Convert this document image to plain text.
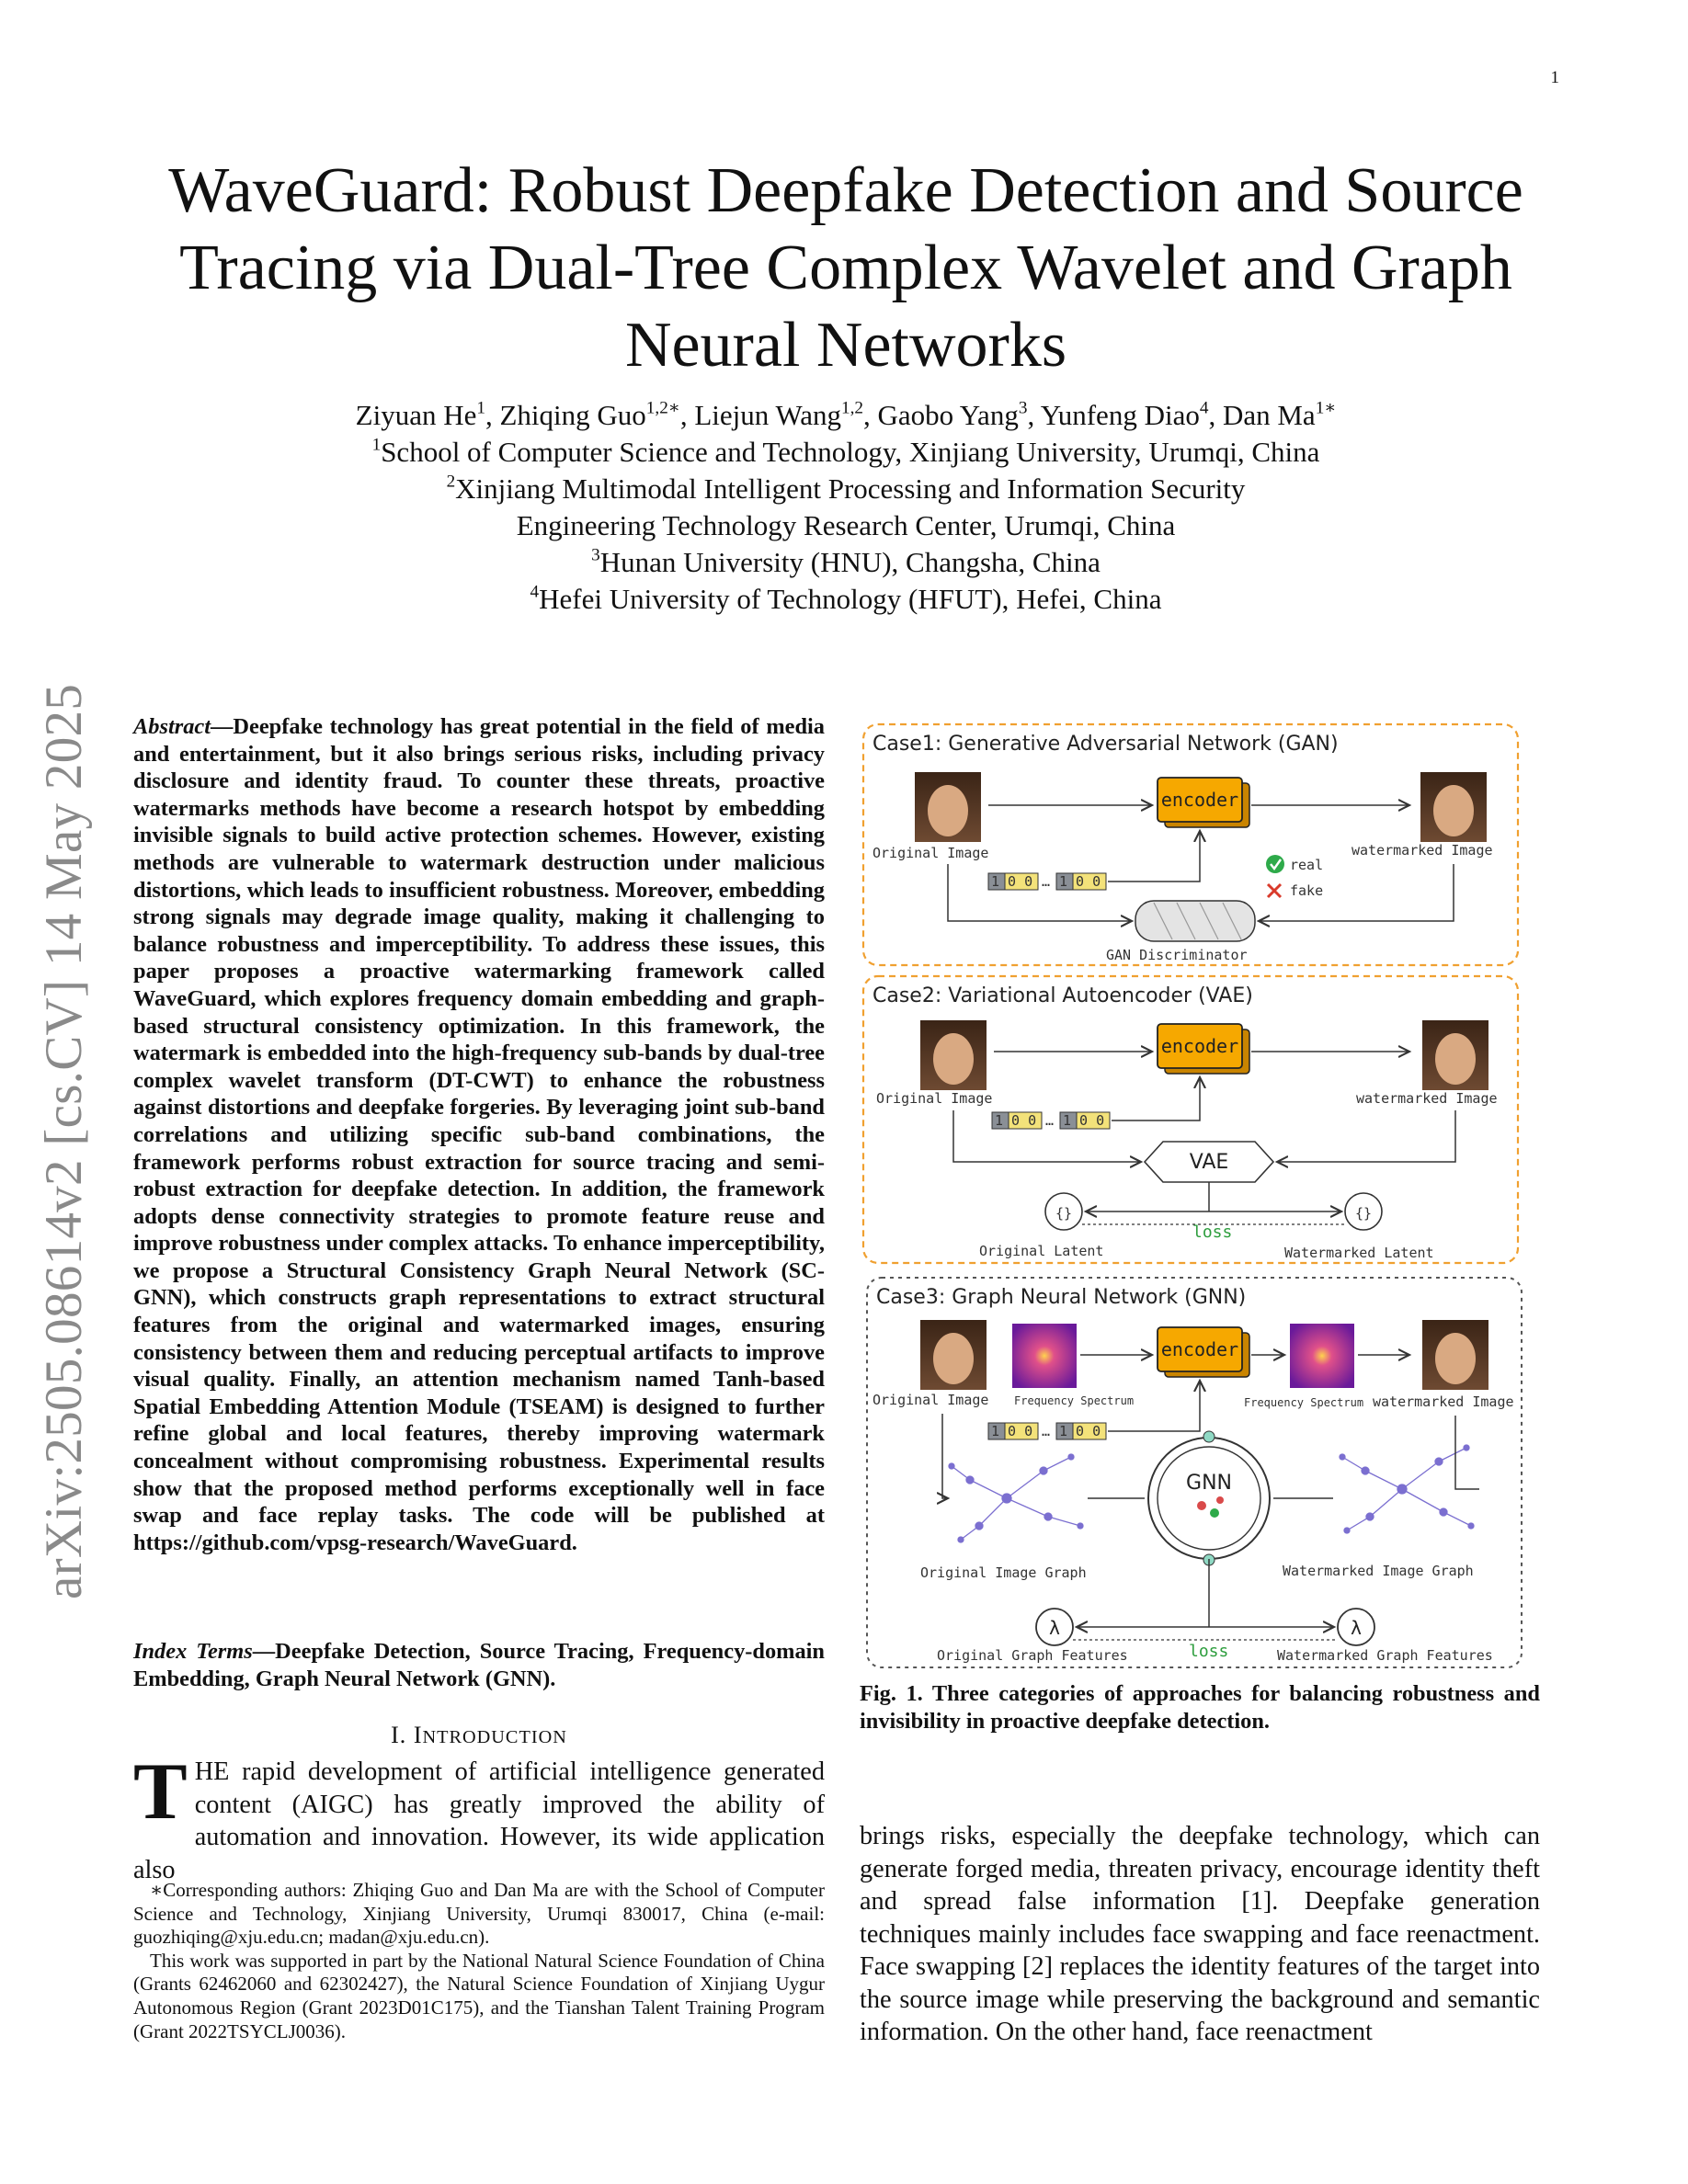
1
arXiv:2505.08614v2 [cs.CV] 14 May 2025
WaveGuard: Robust Deepfake Detection and Source
Tracing via Dual-Tree Complex Wavelet and Graph
Neural Networks
Ziyuan He$^1$, Zhiqing Guo$^{1,2∗}$, Liejun Wang$^{1,2}$, Gaobo Yang$^3$, Yunfeng Diao$^4$, Dan $Ma^{1∗}$
$^1$School of Computer Science and Technology, Xinjiang University, Urumqi, China
$^2$Xinjiang Multimodal Intelligent Processing and Information Security
Engineering Technology Research Center, Urumqi, China
$^3$Hunan University (HNU), Changsha, China
$^4$Hefei University of Technology (HFUT), Hefei, China
Abstract—Deepfake technology has great potential in the field of media and entertainment, but it also brings serious risks, including privacy disclosure and identity fraud. To counter these threats, proactive watermarks methods have become a research hotspot by embedding invisible signals to build active protection schemes. However, existing methods are vulnerable to watermark destruction under malicious distortions, which leads to insufficient robustness. Moreover, embedding strong signals may degrade image quality, making it challenging to balance robustness and imperceptibility. To address these issues, this paper proposes a proactive watermarking framework called WaveGuard, which explores frequency domain embedding and graph-based structural consistency optimization. In this framework, the watermark is embedded into the high-frequency sub-bands by dual-tree complex wavelet transform (DT-CWT) to enhance the robustness against distortions and deepfake forgeries. By leveraging joint sub-band correlations and utilizing specific sub-band combinations, the framework performs robust extraction for source tracing and semi-robust extraction for deepfake detection. In addition, the framework adopts dense connectivity strategies to promote feature reuse and improve robustness under complex attacks. To enhance imperceptibility, we propose a Structural Consistency Graph Neural Network (SC-GNN), which constructs graph representations to extract structural features from the original and watermarked images, ensuring consistency between them and reducing perceptual artifacts to improve visual quality. Finally, an attention mechanism named Tanh-based Spatial Embedding Attention Module (TSEAM) is designed to further refine global and local features, thereby improving watermark concealment without compromising robustness. Experimental results show that the proposed method performs exceptionally well in face swap and face replay tasks. The code will be published at https://github.com/vpsg-research/WaveGuard.
Index Terms—Deepfake Detection, Source Tracing, Frequency-domain Embedding, Graph Neural Network (GNN).
I. INTRODUCTION
THE rapid development of artificial intelligence generated content (AIGC) has greatly improved the ability of automation and innovation. However, its wide application also

∗Corresponding authors: Zhiqing Guo and Dan Ma are with the School of Computer Science and Technology, Xinjiang University, Urumqi 830017, China (e-mail: guozhiqing@xju.edu.cn; madan@xju.edu.cn).

This work was supported in part by the National Natural Science Foundation of China (Grants 62462060 and 62302427), the Natural Science Foundation of Xinjiang Uygur Autonomous Region (Grant 2023D01C175), and the Tianshan Talent Training Program (Grant 2022TSYCLJ0036).

Case1: Generative Adversarial Network (GAN)
Original Image
encoder
watermarked Image
1 0 0 … 1 0 0
GAN Discriminator
real
fake
Case2: Variational Autoencoder (VAE)
Original Image
encoder
watermarked Image
1 0 0 … 1 0 0
VAE
{}	{}
loss
Original Latent	Watermarked Latent
Case3: Graph Neural Network (GNN)
Original Image Frequency Spectrum
encoder
Frequency Spectrum watermarked Image
1 0 0 … 1 0 0
GNN
Original Image Graph	Watermarked Image Graph
λ	λ
loss
Original Graph Features	Watermarked Graph Features
Fig. 1. Three categories of approaches for balancing robustness and invisibility in proactive deepfake detection.
brings risks, especially the deepfake technology, which can generate forged media, threaten privacy, encourage identity theft and spread false information [1]. Deepfake generation techniques mainly includes face swapping and face reenactment. Face swapping [2] replaces the identity features of the target into the source image while preserving the background and semantic information. On the other hand, face reenactment
